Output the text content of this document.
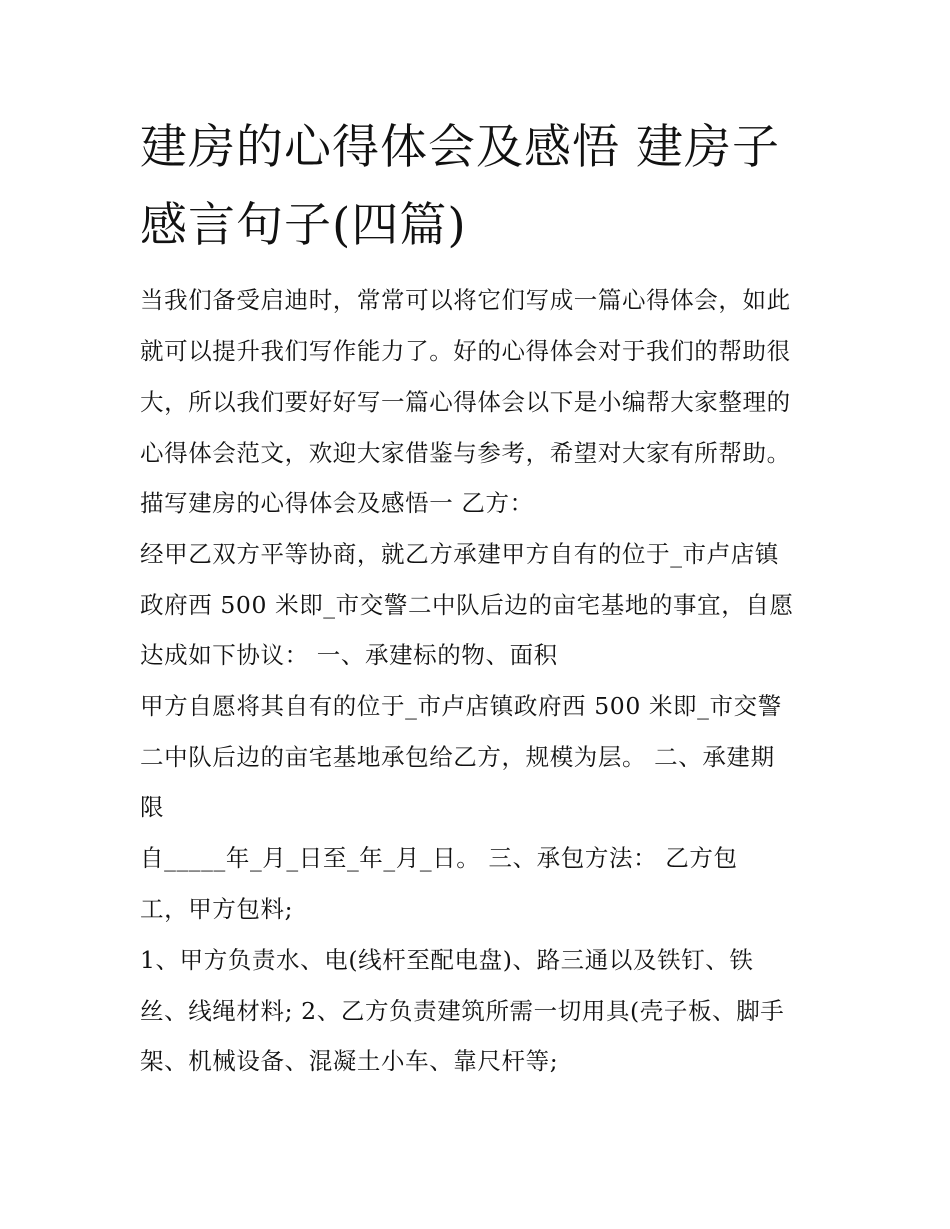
建房的心得体会及感悟 建房子
感言句子(四篇)

当我们备受启迪时，常常可以将它们写成一篇心得体会，如此

就可以提升我们写作能力了。好的心得体会对于我们的帮助很

大，所以我们要好好写一篇心得体会以下是小编帮大家整理的

心得体会范文，欢迎大家借鉴与参考，希望对大家有所帮助。

描写建房的心得体会及感悟一 乙方：

经甲乙双方平等协商，就乙方承建甲方自有的位于_市卢店镇

政府西 500 米即_市交警二中队后边的亩宅基地的事宜，自愿

达成如下协议： 一、承建标的物、面积

甲方自愿将其自有的位于_市卢店镇政府西 500 米即_市交警

二中队后边的亩宅基地承包给乙方，规模为层。 二、承建期

限

自_____年_月_日至_年_月_日。 三、承包方法： 乙方包

工，甲方包料;

1、甲方负责水、电(线杆至配电盘)、路三通以及铁钉、铁

丝、线绳材料; 2、乙方负责建筑所需一切用具(壳子板、脚手

架、机械设备、混凝土小车、靠尺杆等;
